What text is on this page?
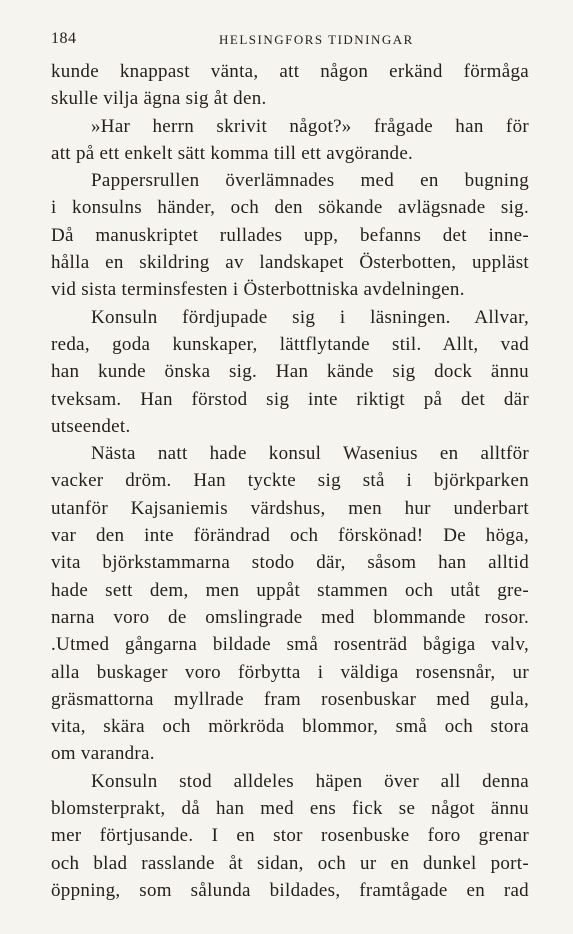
184	HELSINGFORS TIDNINGAR
kunde knappast vänta, att någon erkänd förmåga
skulle vilja ägna sig åt den.
»Har herrn skrivit något?» frågade han för
att på ett enkelt sätt komma till ett avgörande.
Pappersrullen överlämnades med en bugning
i konsulns händer, och den sökande avlägsnade sig.
Då manuskriptet rullades upp, befanns det inne-
hålla en skildring av landskapet Österbotten, uppläst
vid sista terminsfesten i Österbottniska avdelningen.
Konsuln fördjupade sig i läsningen. Allvar,
reda, goda kunskaper, lättflytande stil. Allt, vad
han kunde önska sig. Han kände sig dock ännu
tveksam. Han förstod sig inte riktigt på det där
utseendet.
Nästa natt hade konsul Wasenius en alltför
vacker dröm. Han tyckte sig stå i björkparken
utanför Kajsaniemis värdshus, men hur underbart
var den inte förändrad och förskönad! De höga,
vita björkstammarna stodo där, såsom han alltid
hade sett dem, men uppåt stammen och utåt gre-
narna voro de omslingrade med blommande rosor.
.Utmed gångarna bildade små rosenträd bågiga valv,
alla buskager voro förbytta i väldiga rosensnår, ur
gräsmattorna myllrade fram rosenbuskar med gula,
vita, skära och mörkröda blommor, små och stora
om varandra.
Konsuln stod alldeles häpen över all denna
blomsterprakt, då han med ens fick se något ännu
mer förtjusande. I en stor rosenbuske foro grenar
och blad rasslande åt sidan, och ur en dunkel port-
öppning, som sålunda bildades, framtågade en rad
